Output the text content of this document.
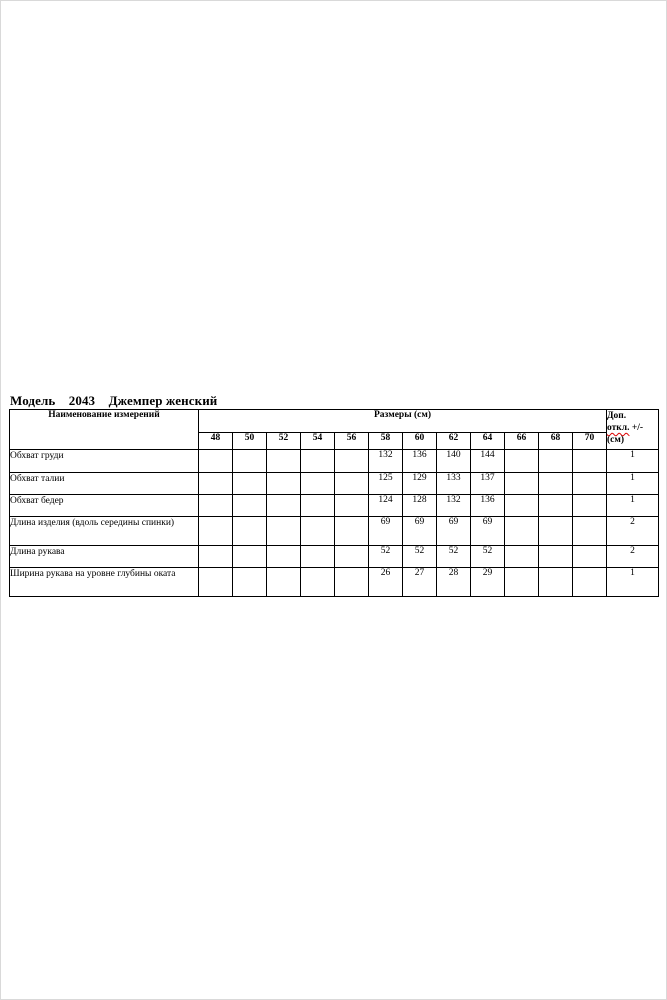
Модель 2043 Джемпер женский
Наименование измерений	Размеры (см)												Доп.
откл. +/-
(см)
	48	50	52	54	56	58	60	62	64	66	68	70	
Обхват груди						132	136	140	144				1
Обхват талии						125	129	133	137				1
Обхват бедер						124	128	132	136				1
Длина изделия (вдоль середины спинки)						69	69	69	69				2
Длина рукава						52	52	52	52				2
Ширина рукава на уровне глубины оката						26	27	28	29				1
